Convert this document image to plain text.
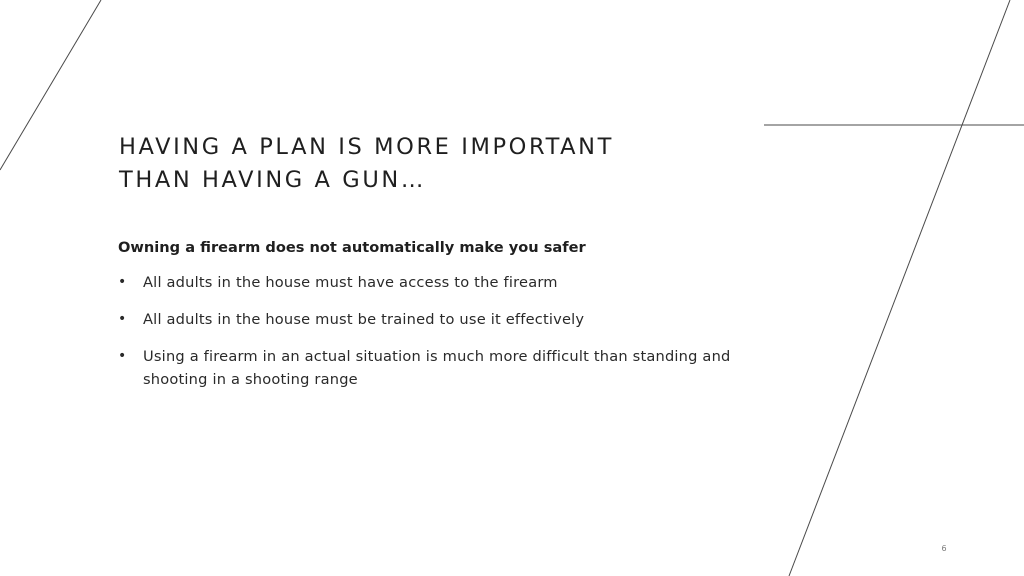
HAVING A PLAN IS MORE IMPORTANT
THAN HAVING A GUN…

Owning a firearm does not automatically make you safer

• All adults in the house must have access to the firearm
• All adults in the house must be trained to use it effectively
• Using a firearm in an actual situation is much more difficult than standing and shooting in a shooting range
6
